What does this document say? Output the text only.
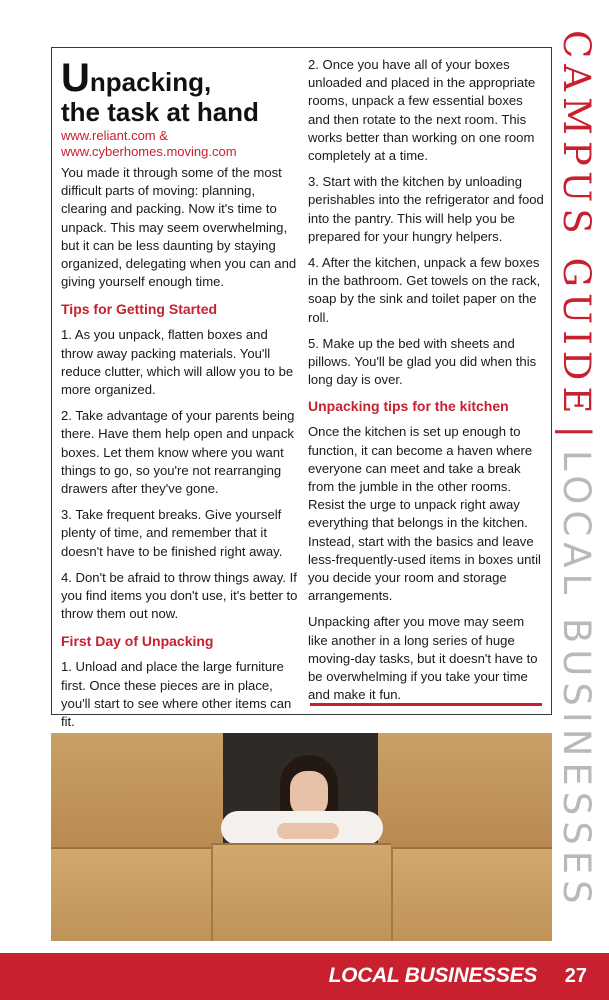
Unpacking,
the task at hand
www.reliant.com &
www.cyberhomes.moving.com

You made it through some of the most difficult parts of moving: planning, clearing and packing. Now it's time to unpack. This may seem overwhelming, but it can be less daunting by staying organized, delegating when you can and giving yourself enough time.

Tips for Getting Started

1. As you unpack, flatten boxes and throw away packing materials. You'll reduce clutter, which will allow you to be more organized.

2. Take advantage of your parents being there. Have them help open and unpack boxes. Let them know where you want things to go, so you're not rearranging drawers after they've gone.

3. Take frequent breaks. Give yourself plenty of time, and remember that it doesn't have to be finished right away.

4. Don't be afraid to throw things away. If you find items you don't use, it's better to throw them out now.

First Day of Unpacking

1. Unload and place the large furniture first. Once these pieces are in place, you'll start to see where other items can fit.

2. Once you have all of your boxes unloaded and placed in the appropriate rooms, unpack a few essential boxes and then rotate to the next room. This works better than working on one room completely at a time.

3. Start with the kitchen by unloading perishables into the refrigerator and food into the pantry. This will help you be prepared for your hungry helpers.

4. After the kitchen, unpack a few boxes in the bathroom. Get towels on the rack, soap by the sink and toilet paper on the roll.

5. Make up the bed with sheets and pillows. You'll be glad you did when this long day is over.

Unpacking tips for the kitchen

Once the kitchen is set up enough to function, it can become a haven where everyone can meet and take a break from the jumble in the other rooms. Resist the urge to unpack right away everything that belongs in the kitchen. Instead, start with the basics and leave less-frequently-used items in boxes until you decide your room and storage arrangements.

Unpacking after you move may seem like another in a long series of huge moving-day tasks, but it doesn't have to be overwhelming if you take your time and make it fun.

CAMPUS GUIDE|LOCAL BUSINESSES
LOCAL BUSINESSES 27
